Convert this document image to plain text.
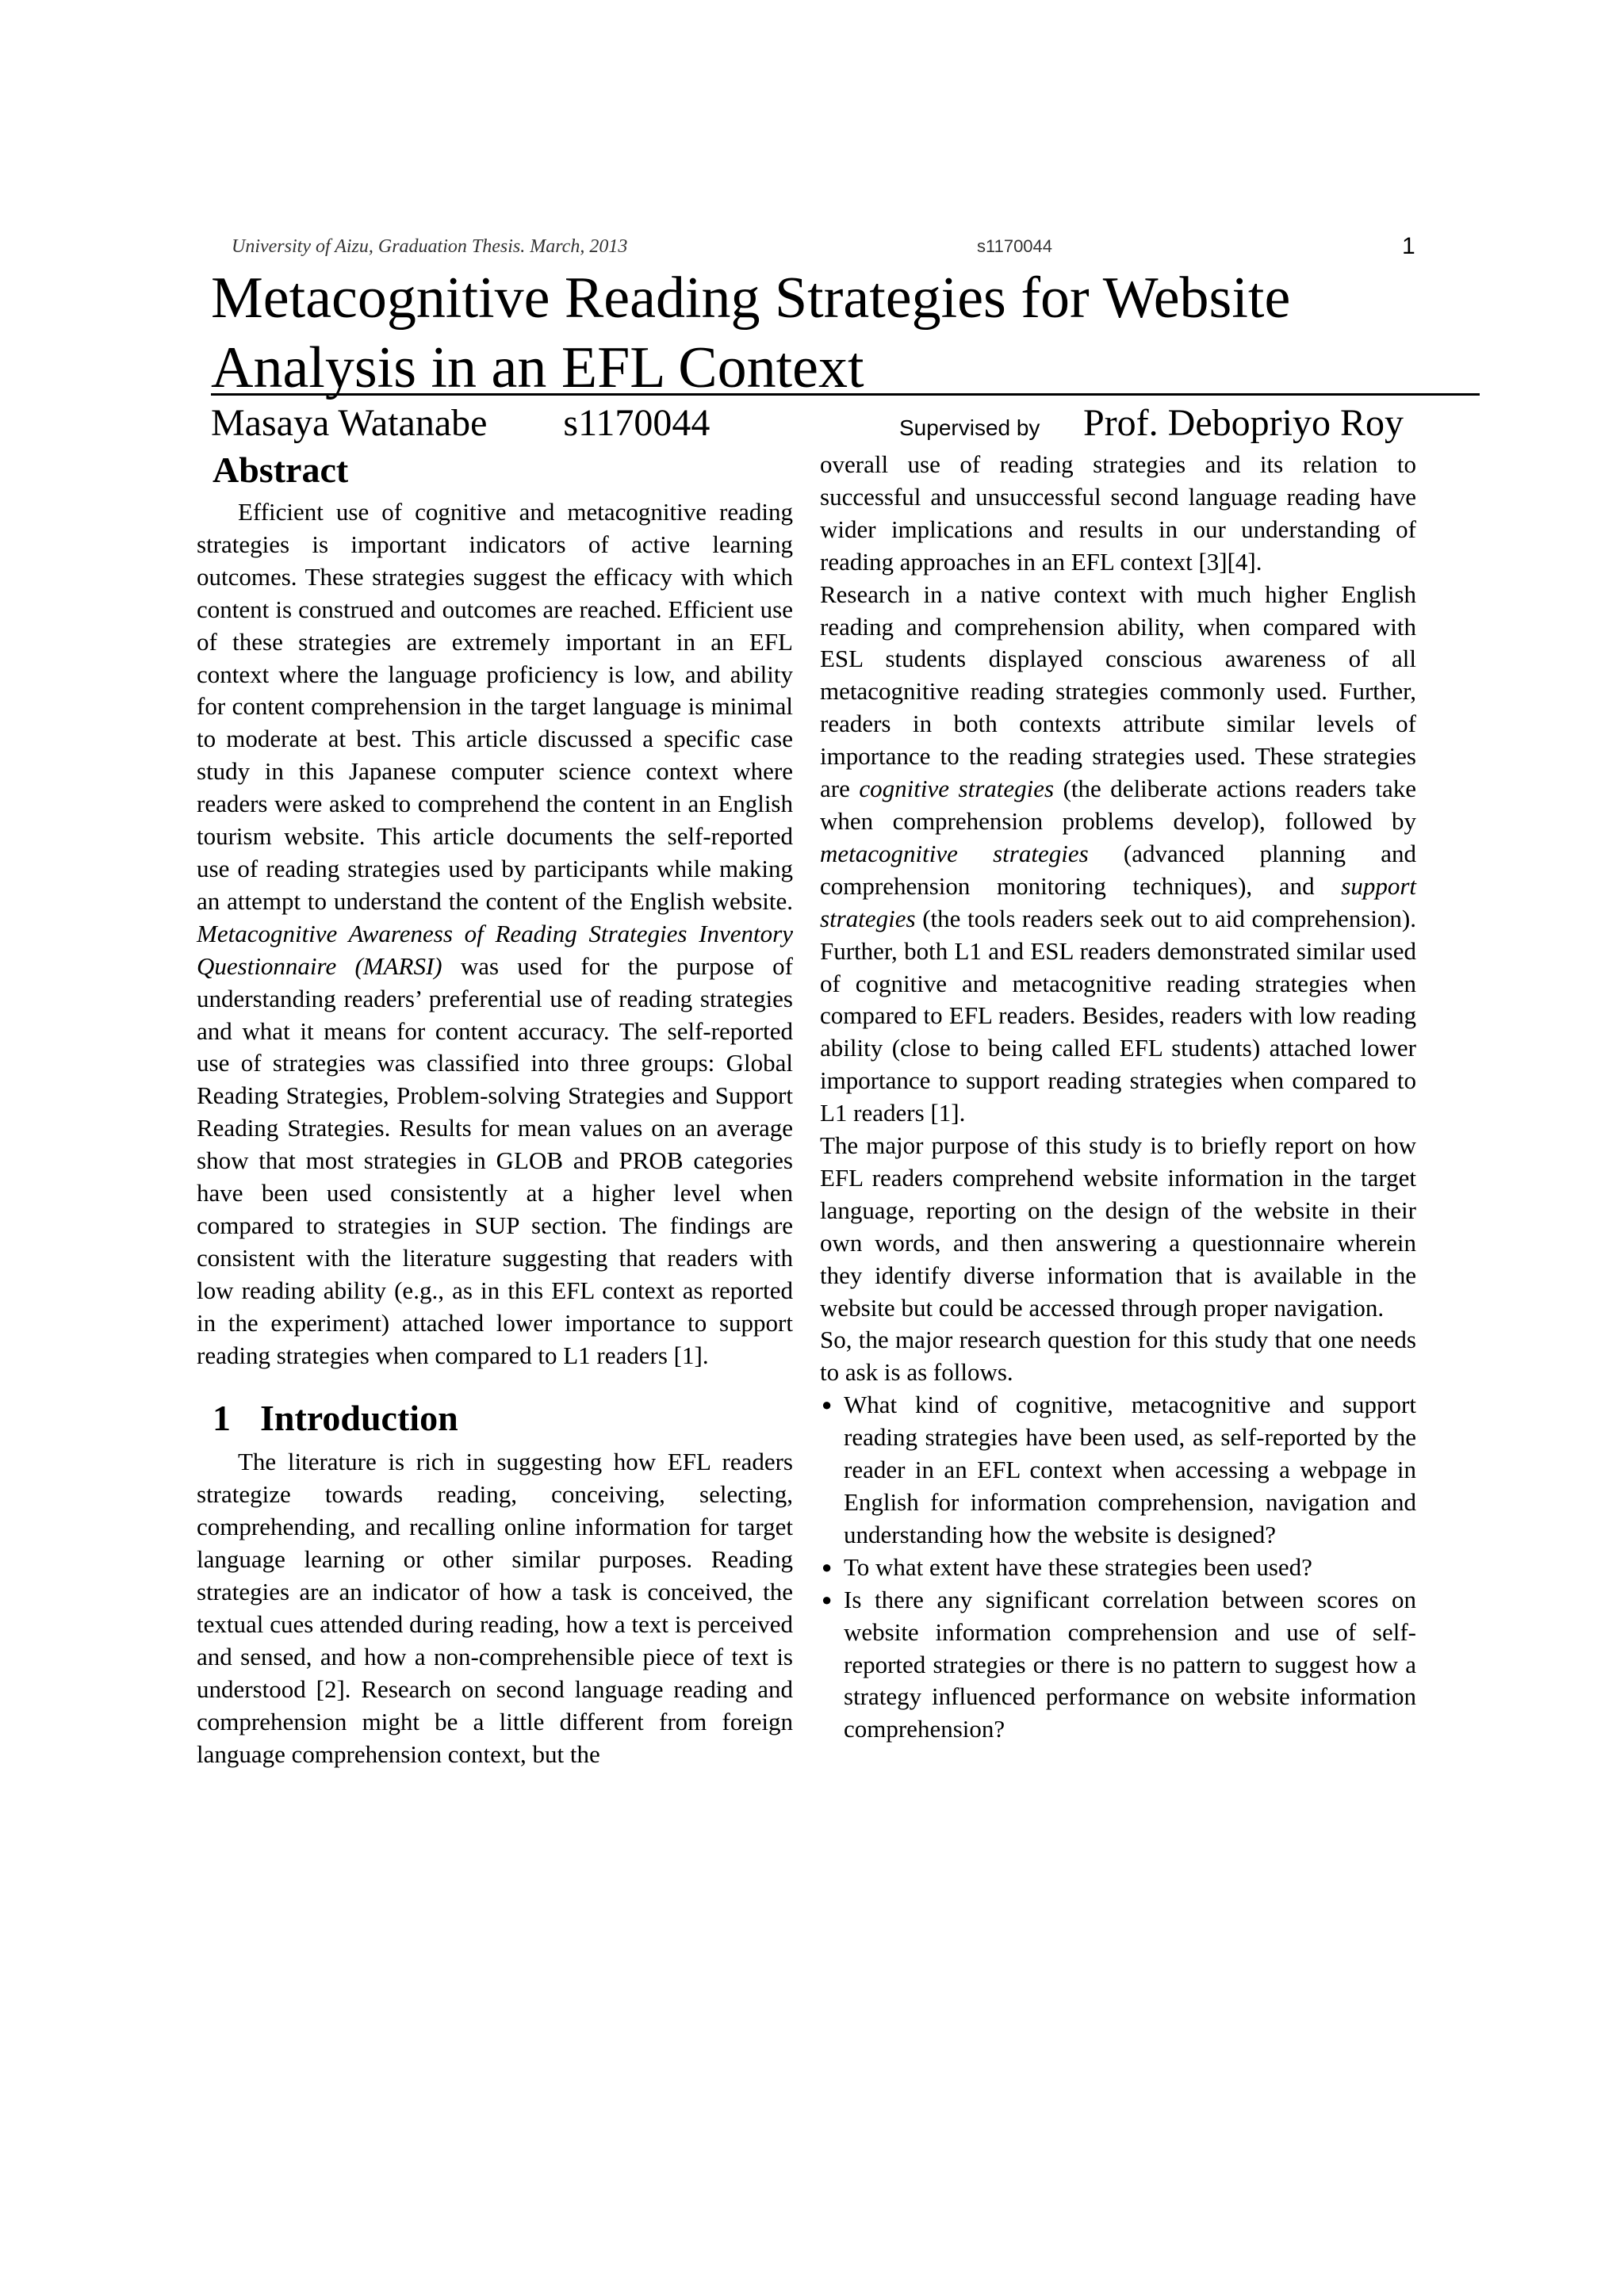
University of Aizu, Graduation Thesis. March, 2013	s1170044	1
Metacognitive Reading Strategies for Website Analysis in an EFL Context
Masaya Watanabe s1170044	Supervised by Prof. Debopriyo Roy
Abstract

Efficient use of cognitive and metacognitive reading strategies is important indicators of active learning outcomes. These strategies suggest the efficacy with which content is construed and outcomes are reached. Efficient use of these strategies are extremely important in an EFL context where the language proficiency is low, and ability for content comprehension in the target language is minimal to moderate at best. This article discussed a specific case study in this Japanese computer science context where readers were asked to comprehend the content in an English tourism website. This article documents the self-reported use of reading strategies used by participants while making an attempt to understand the content of the English website. Metacognitive Awareness of Reading Strategies Inventory Questionnaire (MARSI) was used for the purpose of understanding readers’ preferential use of reading strategies and what it means for content accuracy. The self-reported use of strategies was classified into three groups: Global Reading Strategies, Problem-solving Strategies and Support Reading Strategies. Results for mean values on an average show that most strategies in GLOB and PROB categories have been used consistently at a higher level when compared to strategies in SUP section. The findings are consistent with the literature suggesting that readers with low reading ability (e.g., as in this EFL context as reported in the experiment) attached lower importance to support reading strategies when compared to L1 readers [1].

1 Introduction

The literature is rich in suggesting how EFL readers strategize towards reading, conceiving, selecting, comprehending, and recalling online information for target language learning or other similar purposes. Reading strategies are an indicator of how a task is conceived, the textual cues attended during reading, how a text is perceived and sensed, and how a non-comprehensible piece of text is understood [2]. Research on second language reading and comprehension might be a little different from foreign language comprehension context, but the

overall use of reading strategies and its relation to successful and unsuccessful second language reading have wider implications and results in our understanding of reading approaches in an EFL context [3][4].

Research in a native context with much higher English reading and comprehension ability, when compared with ESL students displayed conscious awareness of all metacognitive reading strategies commonly used. Further, readers in both contexts attribute similar levels of importance to the reading strategies used. These strategies are cognitive strategies (the deliberate actions readers take when comprehension problems develop), followed by metacognitive strategies (advanced planning and comprehension monitoring techniques), and support strategies (the tools readers seek out to aid comprehension). Further, both L1 and ESL readers demonstrated similar used of cognitive and metacognitive reading strategies when compared to EFL readers. Besides, readers with low reading ability (close to being called EFL students) attached lower importance to support reading strategies when compared to L1 readers [1].

The major purpose of this study is to briefly report on how EFL readers comprehend website information in the target language, reporting on the design of the website in their own words, and then answering a questionnaire wherein they identify diverse information that is available in the website but could be accessed through proper navigation.

So, the major research question for this study that one needs to ask is as follows.

● What kind of cognitive, metacognitive and support reading strategies have been used, as self-reported by the reader in an EFL context when accessing a webpage in English for information comprehension, navigation and understanding how the website is designed?
● To what extent have these strategies been used?
● Is there any significant correlation between scores on website information comprehension and use of self-reported strategies or there is no pattern to suggest how a strategy influenced performance on website information comprehension?
